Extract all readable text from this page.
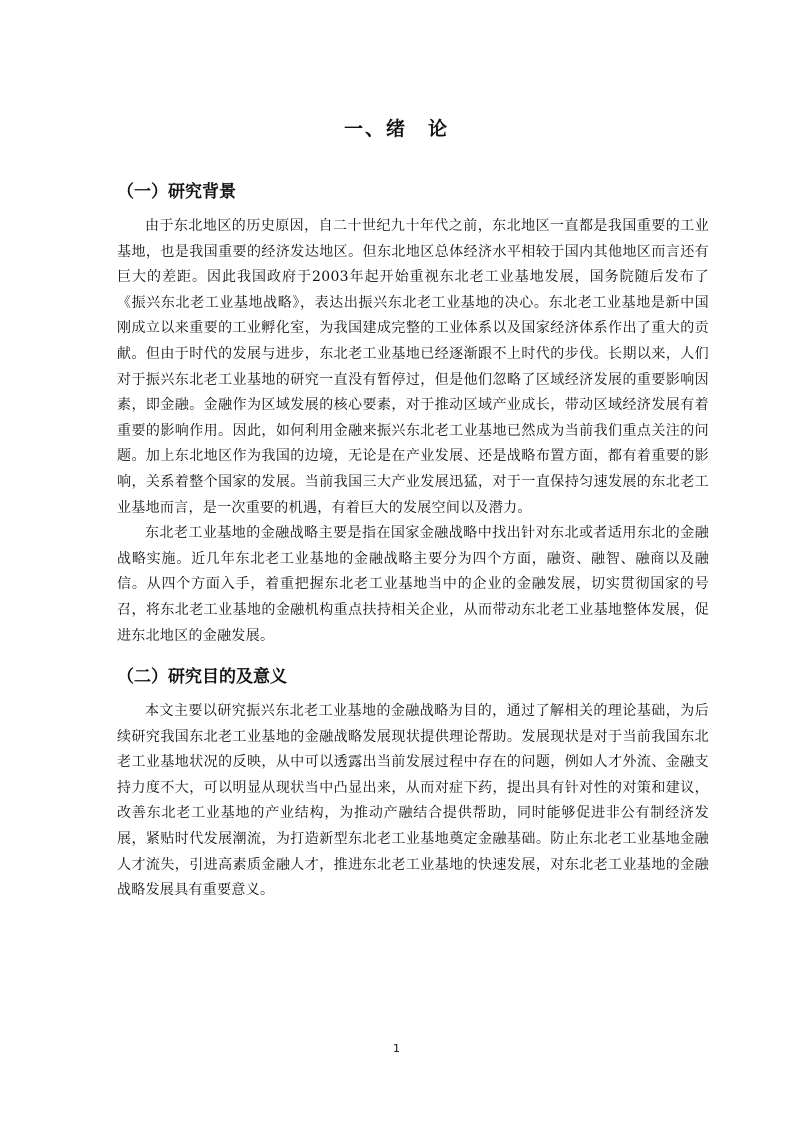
一、绪　论
（一）研究背景

由于东北地区的历史原因，自二十世纪九十年代之前，东北地区一直都是我国重要的工业基地，也是我国重要的经济发达地区。但东北地区总体经济水平相较于国内其他地区而言还有巨大的差距。因此我国政府于2003年起开始重视东北老工业基地发展，国务院随后发布了《振兴东北老工业基地战略》，表达出振兴东北老工业基地的决心。东北老工业基地是新中国刚成立以来重要的工业孵化室，为我国建成完整的工业体系以及国家经济体系作出了重大的贡献。但由于时代的发展与进步，东北老工业基地已经逐渐跟不上时代的步伐。长期以来，人们对于振兴东北老工业基地的研究一直没有暂停过，但是他们忽略了区域经济发展的重要影响因素，即金融。金融作为区域发展的核心要素，对于推动区域产业成长，带动区域经济发展有着重要的影响作用。因此，如何利用金融来振兴东北老工业基地已然成为当前我们重点关注的问题。加上东北地区作为我国的边境，无论是在产业发展、还是战略布置方面，都有着重要的影响，关系着整个国家的发展。当前我国三大产业发展迅猛，对于一直保持匀速发展的东北老工业基地而言，是一次重要的机遇，有着巨大的发展空间以及潜力。

东北老工业基地的金融战略主要是指在国家金融战略中找出针对东北或者适用东北的金融战略实施。近几年东北老工业基地的金融战略主要分为四个方面，融资、融智、融商以及融信。从四个方面入手，着重把握东北老工业基地当中的企业的金融发展，切实贯彻国家的号召，将东北老工业基地的金融机构重点扶持相关企业，从而带动东北老工业基地整体发展，促进东北地区的金融发展。

（二）研究目的及意义

本文主要以研究振兴东北老工业基地的金融战略为目的，通过了解相关的理论基础，为后续研究我国东北老工业基地的金融战略发展现状提供理论帮助。发展现状是对于当前我国东北老工业基地状况的反映，从中可以透露出当前发展过程中存在的问题，例如人才外流、金融支持力度不大，可以明显从现状当中凸显出来，从而对症下药，提出具有针对性的对策和建议，改善东北老工业基地的产业结构，为推动产融结合提供帮助，同时能够促进非公有制经济发展，紧贴时代发展潮流，为打造新型东北老工业基地奠定金融基础。防止东北老工业基地金融人才流失，引进高素质金融人才，推进东北老工业基地的快速发展，对东北老工业基地的金融战略发展具有重要意义。

1
